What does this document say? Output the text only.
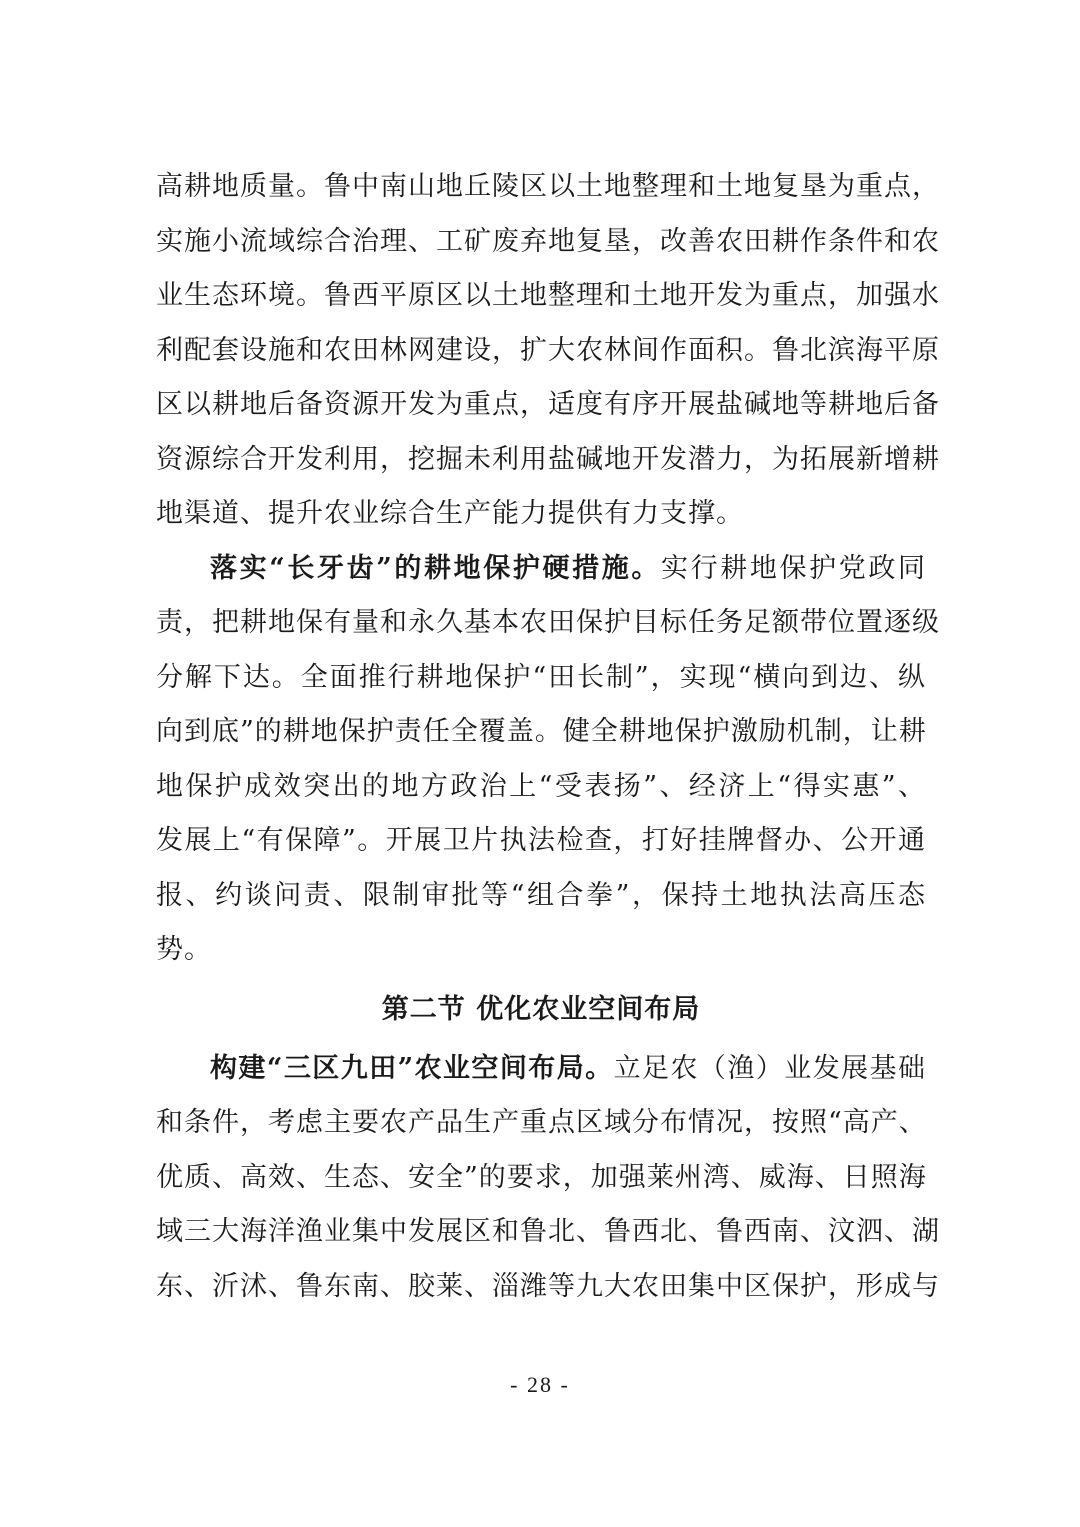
高耕地质量。鲁中南山地丘陵区以土地整理和土地复垦为重点，
实施小流域综合治理、工矿废弃地复垦，改善农田耕作条件和农
业生态环境。鲁西平原区以土地整理和土地开发为重点，加强水
利配套设施和农田林网建设，扩大农林间作面积。鲁北滨海平原
区以耕地后备资源开发为重点，适度有序开展盐碱地等耕地后备
资源综合开发利用，挖掘未利用盐碱地开发潜力，为拓展新增耕
地渠道、提升农业综合生产能力提供有力支撑。
落实“长牙齿”的耕地保护硬措施。实行耕地保护党政同
责，把耕地保有量和永久基本农田保护目标任务足额带位置逐级
分解下达。全面推行耕地保护“田长制”，实现“横向到边、纵
向到底”的耕地保护责任全覆盖。健全耕地保护激励机制，让耕
地保护成效突出的地方政治上“受表扬”、经济上“得实惠”、
发展上“有保障”。开展卫片执法检查，打好挂牌督办、公开通
报、约谈问责、限制审批等“组合拳”，保持土地执法高压态
势。
第二节 优化农业空间布局
构建“三区九田”农业空间布局。立足农（渔）业发展基础
和条件，考虑主要农产品生产重点区域分布情况，按照“高产、
优质、高效、生态、安全”的要求，加强莱州湾、威海、日照海
域三大海洋渔业集中发展区和鲁北、鲁西北、鲁西南、汶泗、湖
东、沂沭、鲁东南、胶莱、淄潍等九大农田集中区保护，形成与
- 28 -
